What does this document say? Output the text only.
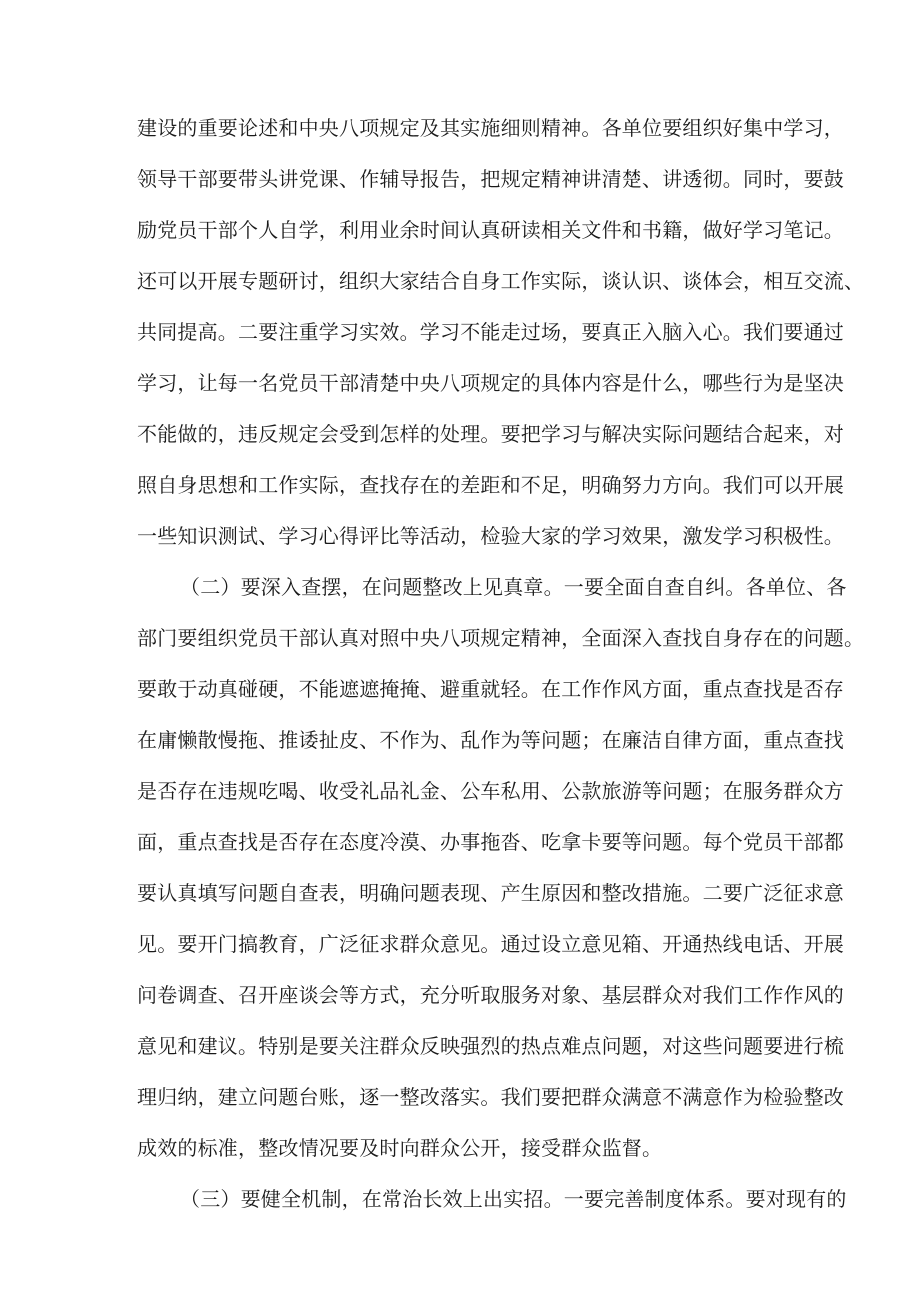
建设的重要论述和中央八项规定及其实施细则精神。各单位要组织好集中学习，
领导干部要带头讲党课、作辅导报告，把规定精神讲清楚、讲透彻。同时，要鼓
励党员干部个人自学，利用业余时间认真研读相关文件和书籍，做好学习笔记。
还可以开展专题研讨，组织大家结合自身工作实际，谈认识、谈体会，相互交流、
共同提高。二要注重学习实效。学习不能走过场，要真正入脑入心。我们要通过
学习，让每一名党员干部清楚中央八项规定的具体内容是什么，哪些行为是坚决
不能做的，违反规定会受到怎样的处理。要把学习与解决实际问题结合起来，对
照自身思想和工作实际，查找存在的差距和不足，明确努力方向。我们可以开展
一些知识测试、学习心得评比等活动，检验大家的学习效果，激发学习积极性。
（二）要深入查摆，在问题整改上见真章。一要全面自查自纠。各单位、各
部门要组织党员干部认真对照中央八项规定精神，全面深入查找自身存在的问题。
要敢于动真碰硬，不能遮遮掩掩、避重就轻。在工作作风方面，重点查找是否存
在庸懒散慢拖、推诿扯皮、不作为、乱作为等问题；在廉洁自律方面，重点查找
是否存在违规吃喝、收受礼品礼金、公车私用、公款旅游等问题；在服务群众方
面，重点查找是否存在态度冷漠、办事拖沓、吃拿卡要等问题。每个党员干部都
要认真填写问题自查表，明确问题表现、产生原因和整改措施。二要广泛征求意
见。要开门搞教育，广泛征求群众意见。通过设立意见箱、开通热线电话、开展
问卷调查、召开座谈会等方式，充分听取服务对象、基层群众对我们工作作风的
意见和建议。特别是要关注群众反映强烈的热点难点问题，对这些问题要进行梳
理归纳，建立问题台账，逐一整改落实。我们要把群众满意不满意作为检验整改
成效的标准，整改情况要及时向群众公开，接受群众监督。
（三）要健全机制，在常治长效上出实招。一要完善制度体系。要对现有的
